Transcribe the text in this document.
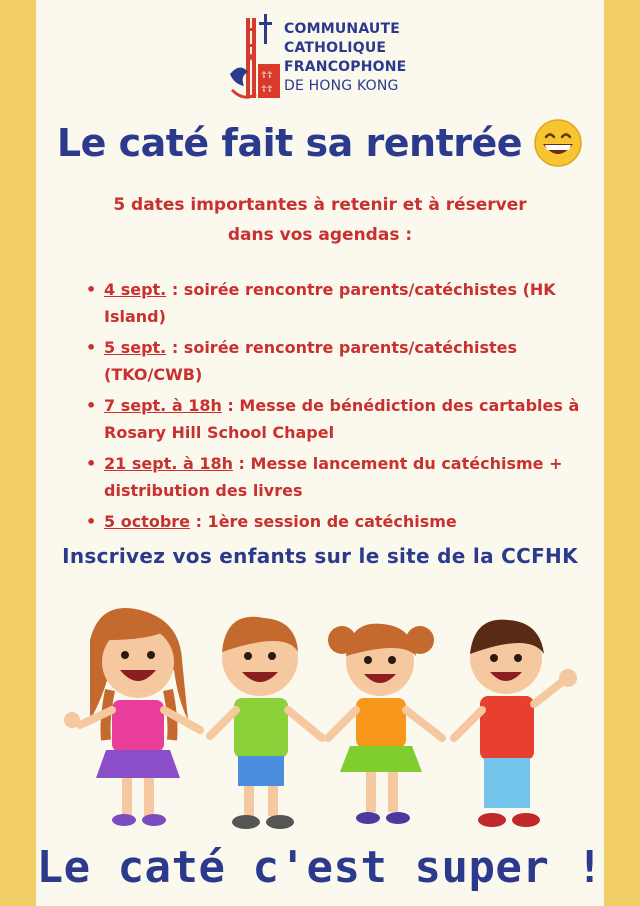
☦☦
☦☦
COMMUNAUTE
CATHOLIQUE
FRANCOPHONE
DE HONG KONG
Le caté fait sa rentrée
5 dates importantes à retenir et à réserver
dans vos agendas :
• 4 sept. : soirée rencontre parents/catéchistes (HK Island)
• 5 sept. : soirée rencontre parents/catéchistes (TKO/CWB)
• 7 sept. à 18h : Messe de bénédiction des cartables à Rosary Hill School Chapel
• 21 sept. à 18h : Messe lancement du catéchisme + distribution des livres
• 5 octobre : 1ère session de catéchisme
Inscrivez vos enfants sur le site de la CCFHK
Le caté c'est super !
